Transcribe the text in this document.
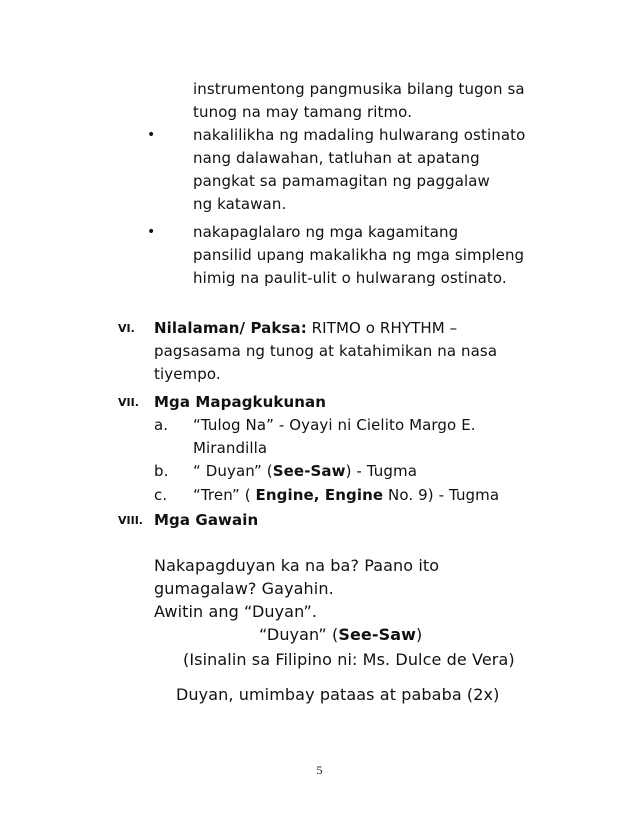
instrumentong pangmusika bilang tugon sa
tunog na may tamang ritmo.
•	nakalilikha ng madaling hulwarang ostinato
nang dalawahan, tatluhan at apatang
pangkat sa pamamagitan ng paggalaw
ng katawan.
•	nakapaglalaro ng mga kagamitang
pansilid upang makalikha ng mga simpleng
himig na paulit-ulit o hulwarang ostinato.
VI. Nilalaman/ Paksa: RITMO o RHYTHM –
pagsasama ng tunog at katahimikan na nasa
tiyempo.
VII. Mga Mapagkukunan
a. “Tulog Na” - Oyayi ni Cielito Margo E.
Mirandilla
b. “ Duyan” (See-Saw) - Tugma
c. “Tren” ( Engine, Engine No. 9) - Tugma
VIII. Mga Gawain
Nakapagduyan ka na ba? Paano ito
gumagalaw? Gayahin.
Awitin ang “Duyan”.
“Duyan” (See-Saw)
(Isinalin sa Filipino ni: Ms. Dulce de Vera)
Duyan, umimbay pataas at pababa (2x)
5
